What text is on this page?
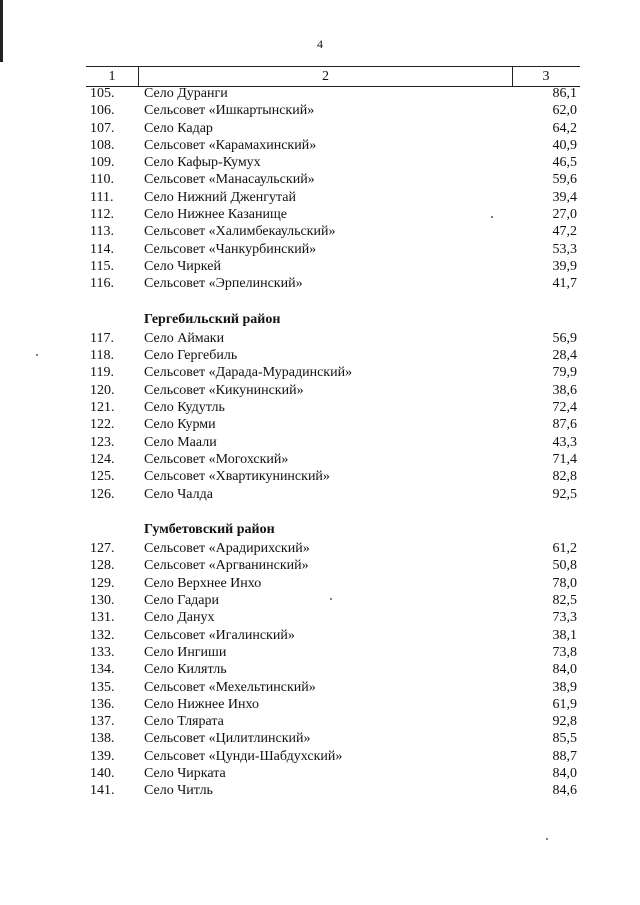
4
1	2	3
105. Село Дуранги	86,1
106. Сельсовет «Ишкартынский»	62,0
107. Село Кадар	64,2
108. Сельсовет «Карамахинский»	40,9
109. Село Кафыр-Кумух	46,5
110. Сельсовет «Манасаульский»	59,6
111. Село Нижний Дженгутай	39,4
112. Село Нижнее Казанище	27,0
113. Сельсовет «Халимбекаульский»	47,2
114. Сельсовет «Чанкурбинский»	53,3
115. Село Чиркей	39,9
116. Сельсовет «Эрпелинский»	41,7
Гергебильский район
117. Село Аймаки	56,9
118. Село Гергебиль	28,4
119. Сельсовет «Дарада-Мурадинский»	79,9
120. Сельсовет «Кикунинский»	38,6
121. Село Кудутль	72,4
122. Село Курми	87,6
123. Село Маали	43,3
124. Сельсовет «Могохский»	71,4
125. Сельсовет «Хвартикунинский»	82,8
126. Село Чалда	92,5
Гумбетовский район
127. Сельсовет «Арадирихский»	61,2
128. Сельсовет «Аргванинский»	50,8
129. Село Верхнее Инхо	78,0
130. Село Гадари	82,5
131. Село Данух	73,3
132. Сельсовет «Игалинский»	38,1
133. Село Ингиши	73,8
134. Село Килятль	84,0
135. Сельсовет «Мехельтинский»	38,9
136. Село Нижнее Инхо	61,9
137. Село Тлярата	92,8
138. Сельсовет «Цилитлинский»	85,5
139. Сельсовет «Цунди-Шабдухский»	88,7
140. Село Чирката	84,0
141. Село Читль	84,6
